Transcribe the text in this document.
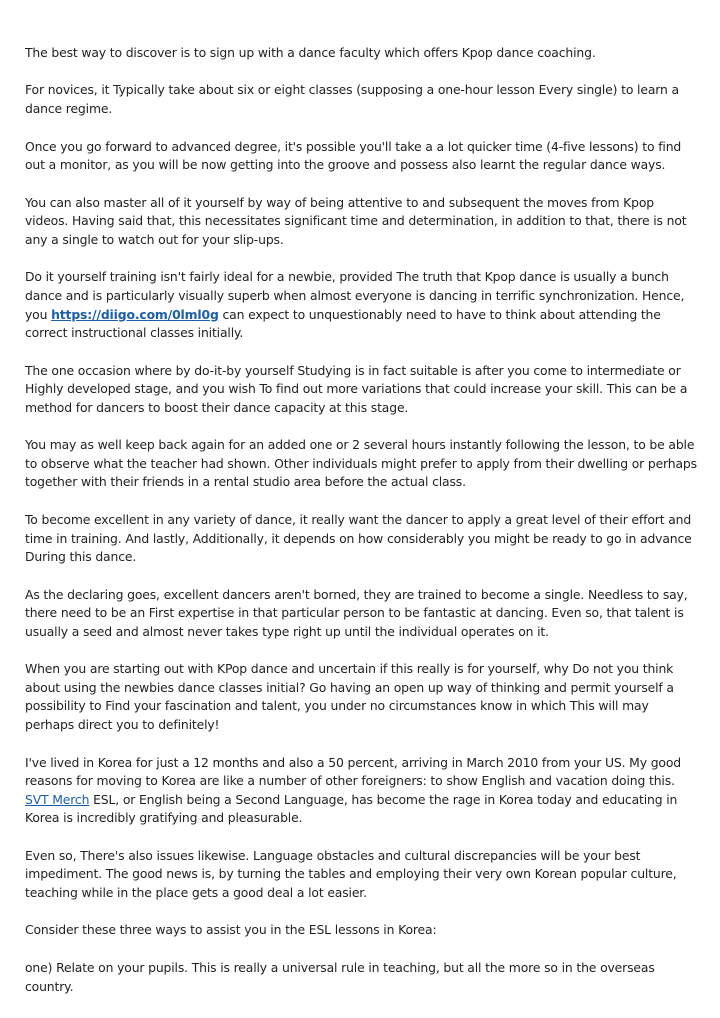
The best way to discover is to sign up with a dance faculty which offers Kpop dance coaching.

For novices, it Typically take about six or eight classes (supposing a one-hour lesson Every single) to learn a dance regime.

Once you go forward to advanced degree, it's possible you'll take a a lot quicker time (4-five lessons) to find out a monitor, as you will be now getting into the groove and possess also learnt the regular dance ways.

You can also master all of it yourself by way of being attentive to and subsequent the moves from Kpop videos. Having said that, this necessitates significant time and determination, in addition to that, there is not any a single to watch out for your slip-ups.

Do it yourself training isn't fairly ideal for a newbie, provided The truth that Kpop dance is usually a bunch dance and is particularly visually superb when almost everyone is dancing in terrific synchronization. Hence, you https://diigo.com/0lml0g can expect to unquestionably need to have to think about attending the correct instructional classes initially.

The one occasion where by do-it-by yourself Studying is in fact suitable is after you come to intermediate or Highly developed stage, and you wish To find out more variations that could increase your skill. This can be a method for dancers to boost their dance capacity at this stage.

You may as well keep back again for an added one or 2 several hours instantly following the lesson, to be able to observe what the teacher had shown. Other individuals might prefer to apply from their dwelling or perhaps together with their friends in a rental studio area before the actual class.

To become excellent in any variety of dance, it really want the dancer to apply a great level of their effort and time in training. And lastly, Additionally, it depends on how considerably you might be ready to go in advance During this dance.

As the declaring goes, excellent dancers aren't borned, they are trained to become a single. Needless to say, there need to be an First expertise in that particular person to be fantastic at dancing. Even so, that talent is usually a seed and almost never takes type right up until the individual operates on it.

When you are starting out with KPop dance and uncertain if this really is for yourself, why Do not you think about using the newbies dance classes initial? Go having an open up way of thinking and permit yourself a possibility to Find your fascination and talent, you under no circumstances know in which This will may perhaps direct you to definitely!

I've lived in Korea for just a 12 months and also a 50 percent, arriving in March 2010 from your US. My good reasons for moving to Korea are like a number of other foreigners: to show English and vacation doing this. SVT Merch ESL, or English being a Second Language, has become the rage in Korea today and educating in Korea is incredibly gratifying and pleasurable.

Even so, There's also issues likewise. Language obstacles and cultural discrepancies will be your best impediment. The good news is, by turning the tables and employing their very own Korean popular culture, teaching while in the place gets a good deal a lot easier.

Consider these three ways to assist you in the ESL lessons in Korea:

one) Relate on your pupils. This is really a universal rule in teaching, but all the more so in the overseas country.
